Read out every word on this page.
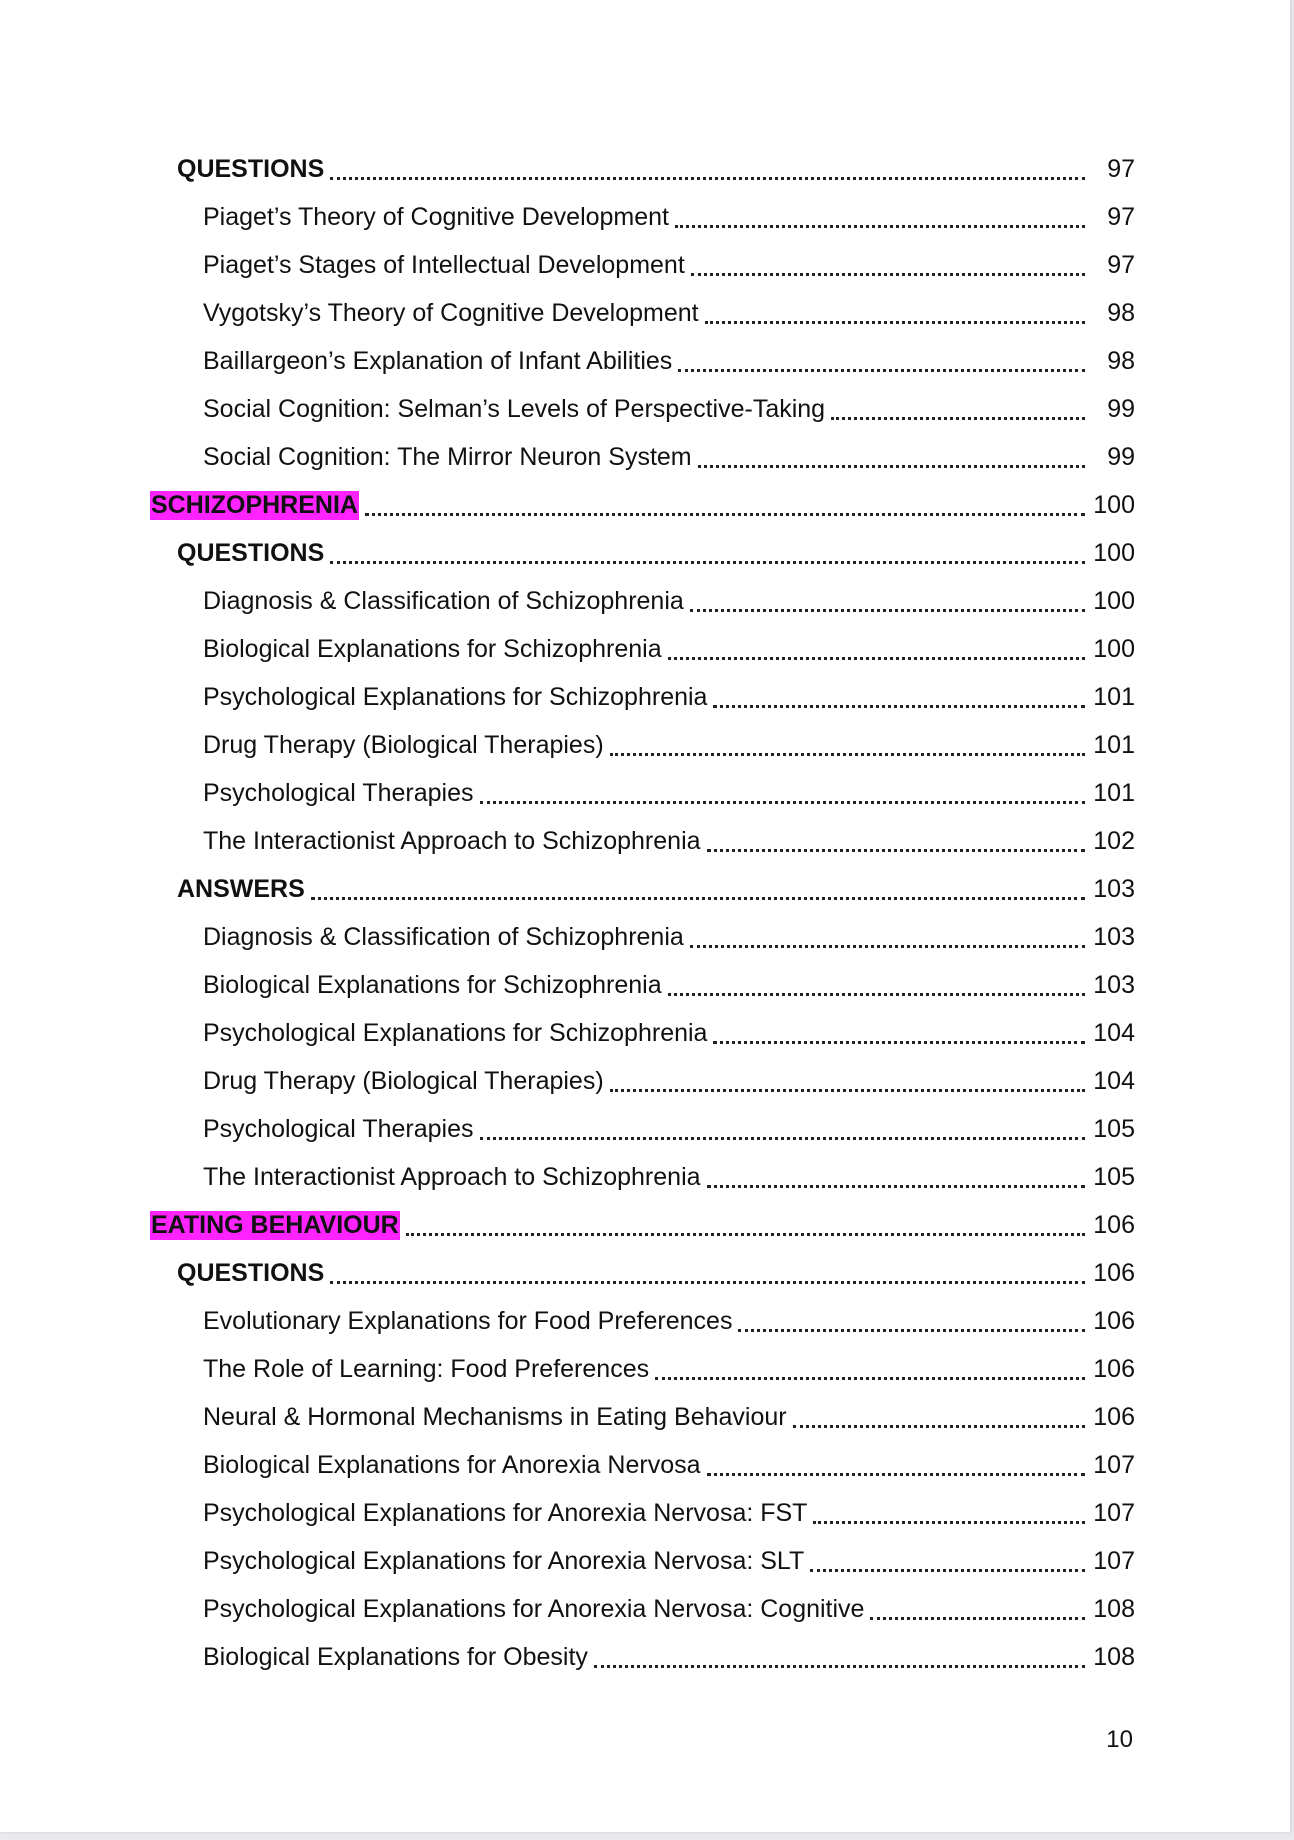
QUESTIONS	97
Piaget’s Theory of Cognitive Development	97
Piaget’s Stages of Intellectual Development	97
Vygotsky’s Theory of Cognitive Development	98
Baillargeon’s Explanation of Infant Abilities	98
Social Cognition: Selman’s Levels of Perspective-Taking	99
Social Cognition: The Mirror Neuron System	99
SCHIZOPHRENIA	100
QUESTIONS	100
Diagnosis & Classification of Schizophrenia	100
Biological Explanations for Schizophrenia	100
Psychological Explanations for Schizophrenia	101
Drug Therapy (Biological Therapies)	101
Psychological Therapies	101
The Interactionist Approach to Schizophrenia	102
ANSWERS	103
Diagnosis & Classification of Schizophrenia	103
Biological Explanations for Schizophrenia	103
Psychological Explanations for Schizophrenia	104
Drug Therapy (Biological Therapies)	104
Psychological Therapies	105
The Interactionist Approach to Schizophrenia	105
EATING BEHAVIOUR	106
QUESTIONS	106
Evolutionary Explanations for Food Preferences	106
The Role of Learning: Food Preferences	106
Neural & Hormonal Mechanisms in Eating Behaviour	106
Biological Explanations for Anorexia Nervosa	107
Psychological Explanations for Anorexia Nervosa: FST	107
Psychological Explanations for Anorexia Nervosa: SLT	107
Psychological Explanations for Anorexia Nervosa: Cognitive	108
Biological Explanations for Obesity	108
10
